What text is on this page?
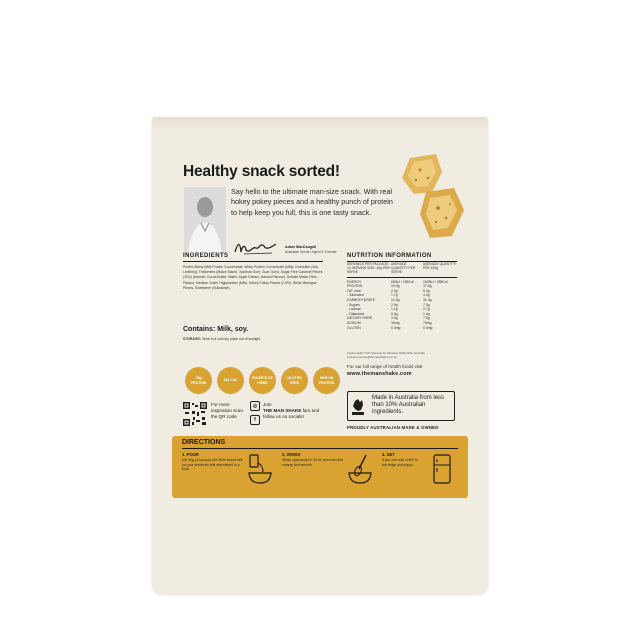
Healthy snack sorted!
Say hello to the ultimate man-size snack. With real hokey pokey pieces and a healthy punch of protein to help keep you full, this is one tasty snack.
Adam MacDougall
Australian Sports Legend & Founder
INGREDIENTS
Protein Blend (Milk Protein Concentrate, Whey Protein Concentrate (Milk), Emulsifier (Soy Lecithin)), Thickeners (Maize Starch, Xanthan Gum, Guar Gum), Sugar Free Caramel Pieces (11%) (Isomalt, Cocoa Butter, Water, Apple Extract, Natural Flavour), Soluble Maize Fibre, Flavour, Medium Chain Triglycerides (Milk), Hokey Pokey Pieces (2.5%), White Meringue Pieces, Sweetener (Sucralose).
Contains: Milk, soy.
STORAGE: Store in a cool dry place out of sunlight
NUTRITION INFORMATION
SERVINGS PER PACKAGE: 10 SERVING SIZE: 40g PER SERVE
AVERAGE QUANTITY PER SERVE
AVERAGE QUANTITY PER 100g
ENERGY	650kJ / 155Cal	1625kJ / 388Cal
PROTEIN	15.0g	37.5g
FAT, total	2.0g	5.0g
- Saturated	1.7g	4.3g
CARBOHYDRATE	12.5g	31.3g
- Sugars	2.9g	7.3g
- Lactose	1.1g	2.7g
- Galactose	0.6g	1.4g
DIETARY FIBRE	3.0g	7.5g
SODIUM	30mg	75mg
GLUTEN	0.0mg	0.0mg
Cavity Health, 3/27 Vanessa St, Kirrawee NSW 2232, Australia customerservice@themanshake.com.au
For our full range of health foods visit
www.themanshake.com
15g PROTEIN
144 CAL
SOURCE OF FIBRE
GLUTEN FREE
HIGH IN PROTEIN
For more inspiration scan the QR code
◎
f
Join
THE MAN SHAKE fam and follow us on socials!
Made in Australia from less than 10% Australian ingredients.
PROUDLY AUSTRALIAN MADE & OWNED
DIRECTIONS
1. POUR
Mix 40g (3 scoops) with 80ml sweet milk (or your preferred milk alternative) in a bowl.
2. WHISK
Whisk vigorously for 30-60 seconds until creamy and smooth.
3. SET
If you can wait, chill it in the fridge and enjoy!
